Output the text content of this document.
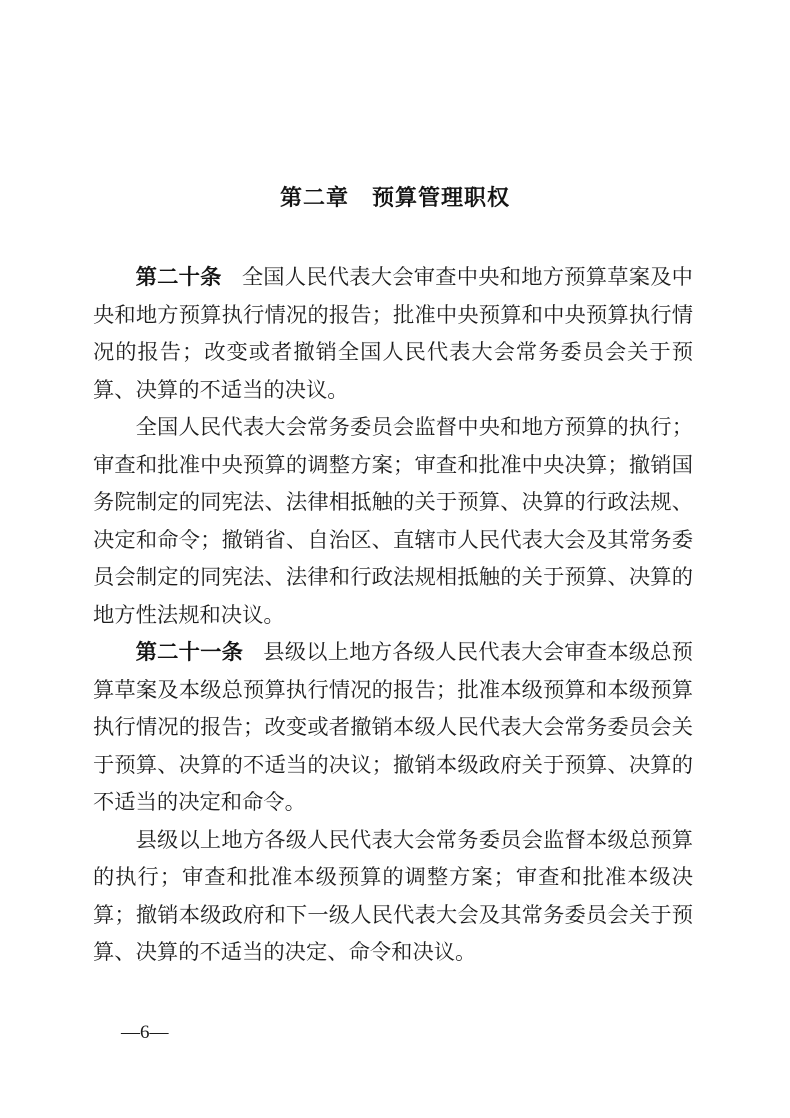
第二章　预算管理职权

第二十条 全国人民代表大会审查中央和地方预算草案及中央和地方预算执行情况的报告；批准中央预算和中央预算执行情况的报告；改变或者撤销全国人民代表大会常务委员会关于预算、决算的不适当的决议。

全国人民代表大会常务委员会监督中央和地方预算的执行；审查和批准中央预算的调整方案；审查和批准中央决算；撤销国务院制定的同宪法、法律相抵触的关于预算、决算的行政法规、决定和命令；撤销省、自治区、直辖市人民代表大会及其常务委员会制定的同宪法、法律和行政法规相抵触的关于预算、决算的地方性法规和决议。

第二十一条 县级以上地方各级人民代表大会审查本级总预算草案及本级总预算执行情况的报告；批准本级预算和本级预算执行情况的报告；改变或者撤销本级人民代表大会常务委员会关于预算、决算的不适当的决议；撤销本级政府关于预算、决算的不适当的决定和命令。

县级以上地方各级人民代表大会常务委员会监督本级总预算的执行；审查和批准本级预算的调整方案；审查和批准本级决算；撤销本级政府和下一级人民代表大会及其常务委员会关于预算、决算的不适当的决定、命令和决议。

—6—
